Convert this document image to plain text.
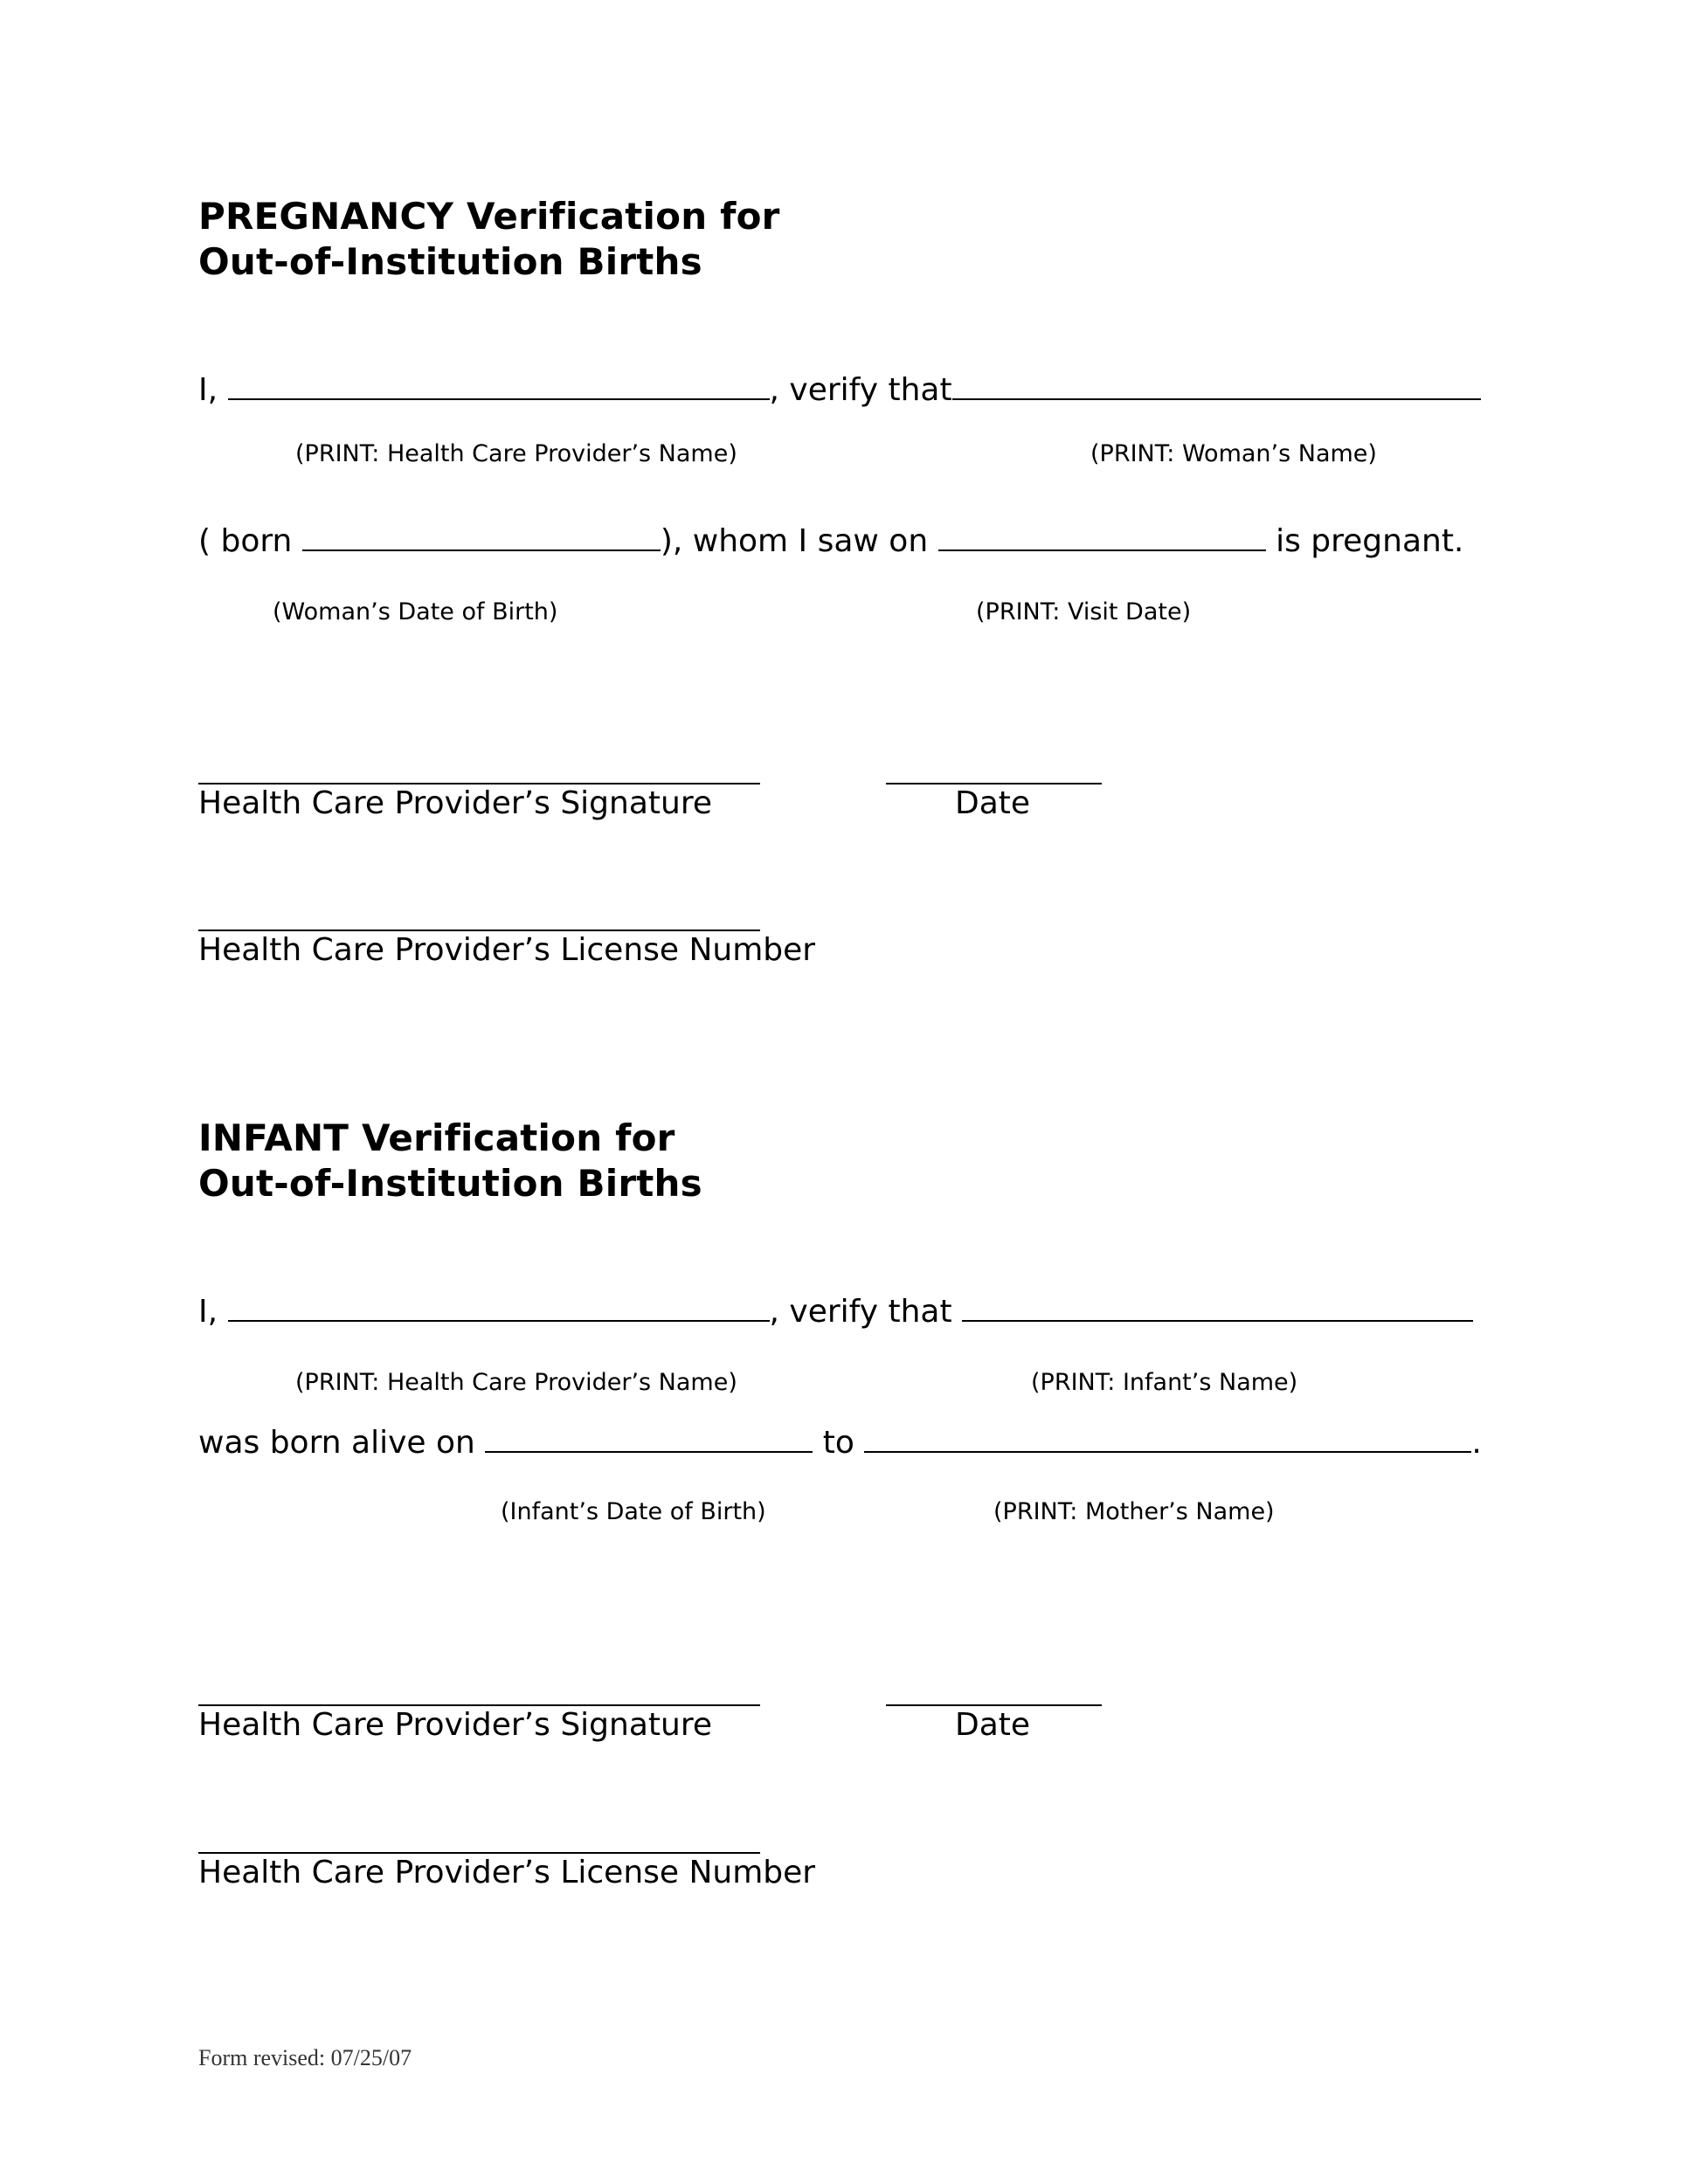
PREGNANCY Verification for
Out-of-Institution Births
I,	, verify that
(PRINT: Health Care Provider’s Name)	(PRINT: Woman’s Name)
( born	), whom I saw on	is pregnant.
(Woman’s Date of Birth)	(PRINT: Visit Date)
Health Care Provider’s Signature	Date
Health Care Provider’s License Number
INFANT Verification for
Out-of-Institution Births
I,	, verify that
(PRINT: Health Care Provider’s Name)	(PRINT: Infant’s Name)
was born alive on	to	.
(Infant’s Date of Birth)	(PRINT: Mother’s Name)
Health Care Provider’s Signature	Date
Health Care Provider’s License Number
Form revised: 07/25/07
